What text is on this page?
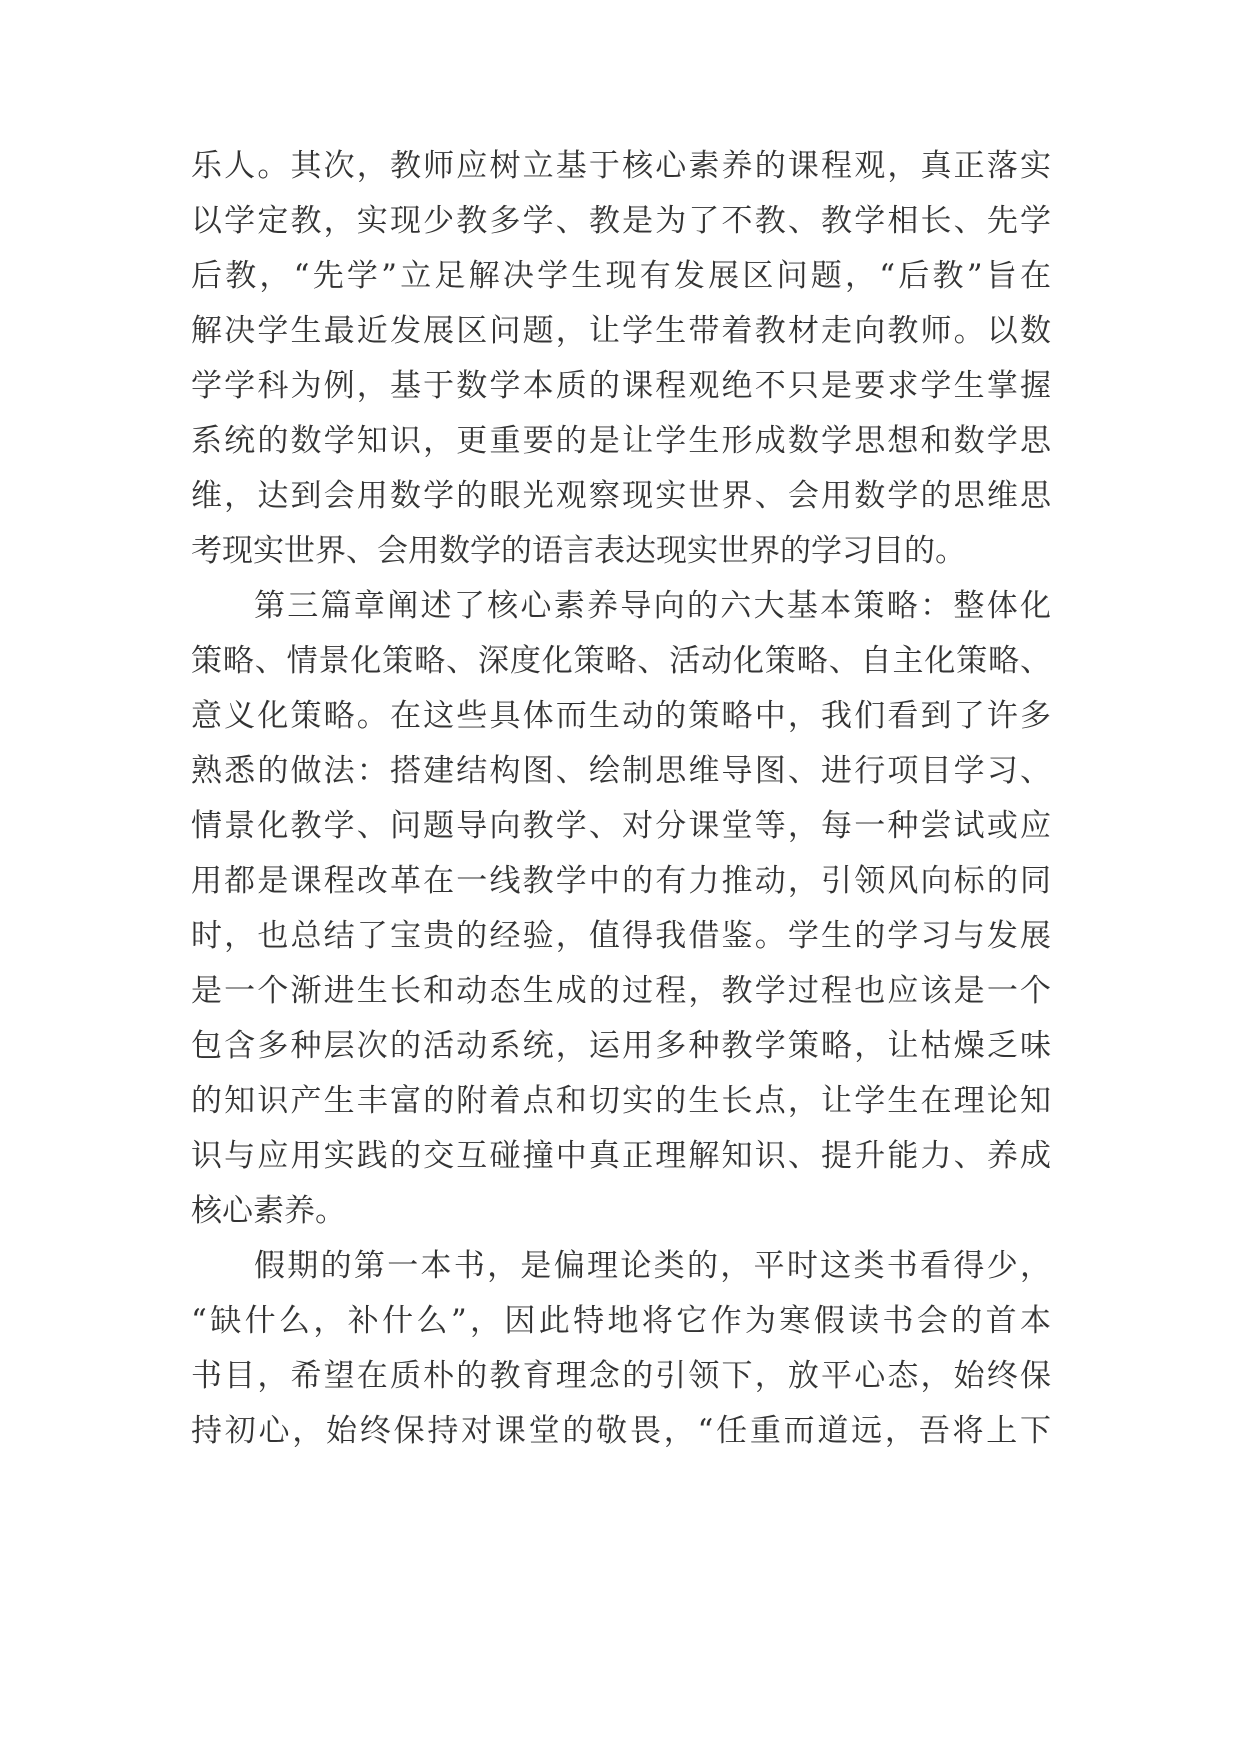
乐人。其次，教师应树立基于核心素养的课程观，真正落实
以学定教，实现少教多学、教是为了不教、教学相长、先学
后教，“先学”立足解决学生现有发展区问题，“后教”旨在
解决学生最近发展区问题，让学生带着教材走向教师。以数
学学科为例，基于数学本质的课程观绝不只是要求学生掌握
系统的数学知识，更重要的是让学生形成数学思想和数学思
维，达到会用数学的眼光观察现实世界、会用数学的思维思
考现实世界、会用数学的语言表达现实世界的学习目的。
第三篇章阐述了核心素养导向的六大基本策略：整体化
策略、情景化策略、深度化策略、活动化策略、自主化策略、
意义化策略。在这些具体而生动的策略中，我们看到了许多
熟悉的做法：搭建结构图、绘制思维导图、进行项目学习、
情景化教学、问题导向教学、对分课堂等，每一种尝试或应
用都是课程改革在一线教学中的有力推动，引领风向标的同
时，也总结了宝贵的经验，值得我借鉴。学生的学习与发展
是一个渐进生长和动态生成的过程，教学过程也应该是一个
包含多种层次的活动系统，运用多种教学策略，让枯燥乏味
的知识产生丰富的附着点和切实的生长点，让学生在理论知
识与应用实践的交互碰撞中真正理解知识、提升能力、养成
核心素养。
假期的第一本书，是偏理论类的，平时这类书看得少，
“缺什么，补什么”，因此特地将它作为寒假读书会的首本
书目，希望在质朴的教育理念的引领下，放平心态，始终保
持初心，始终保持对课堂的敬畏，“任重而道远，吾将上下
